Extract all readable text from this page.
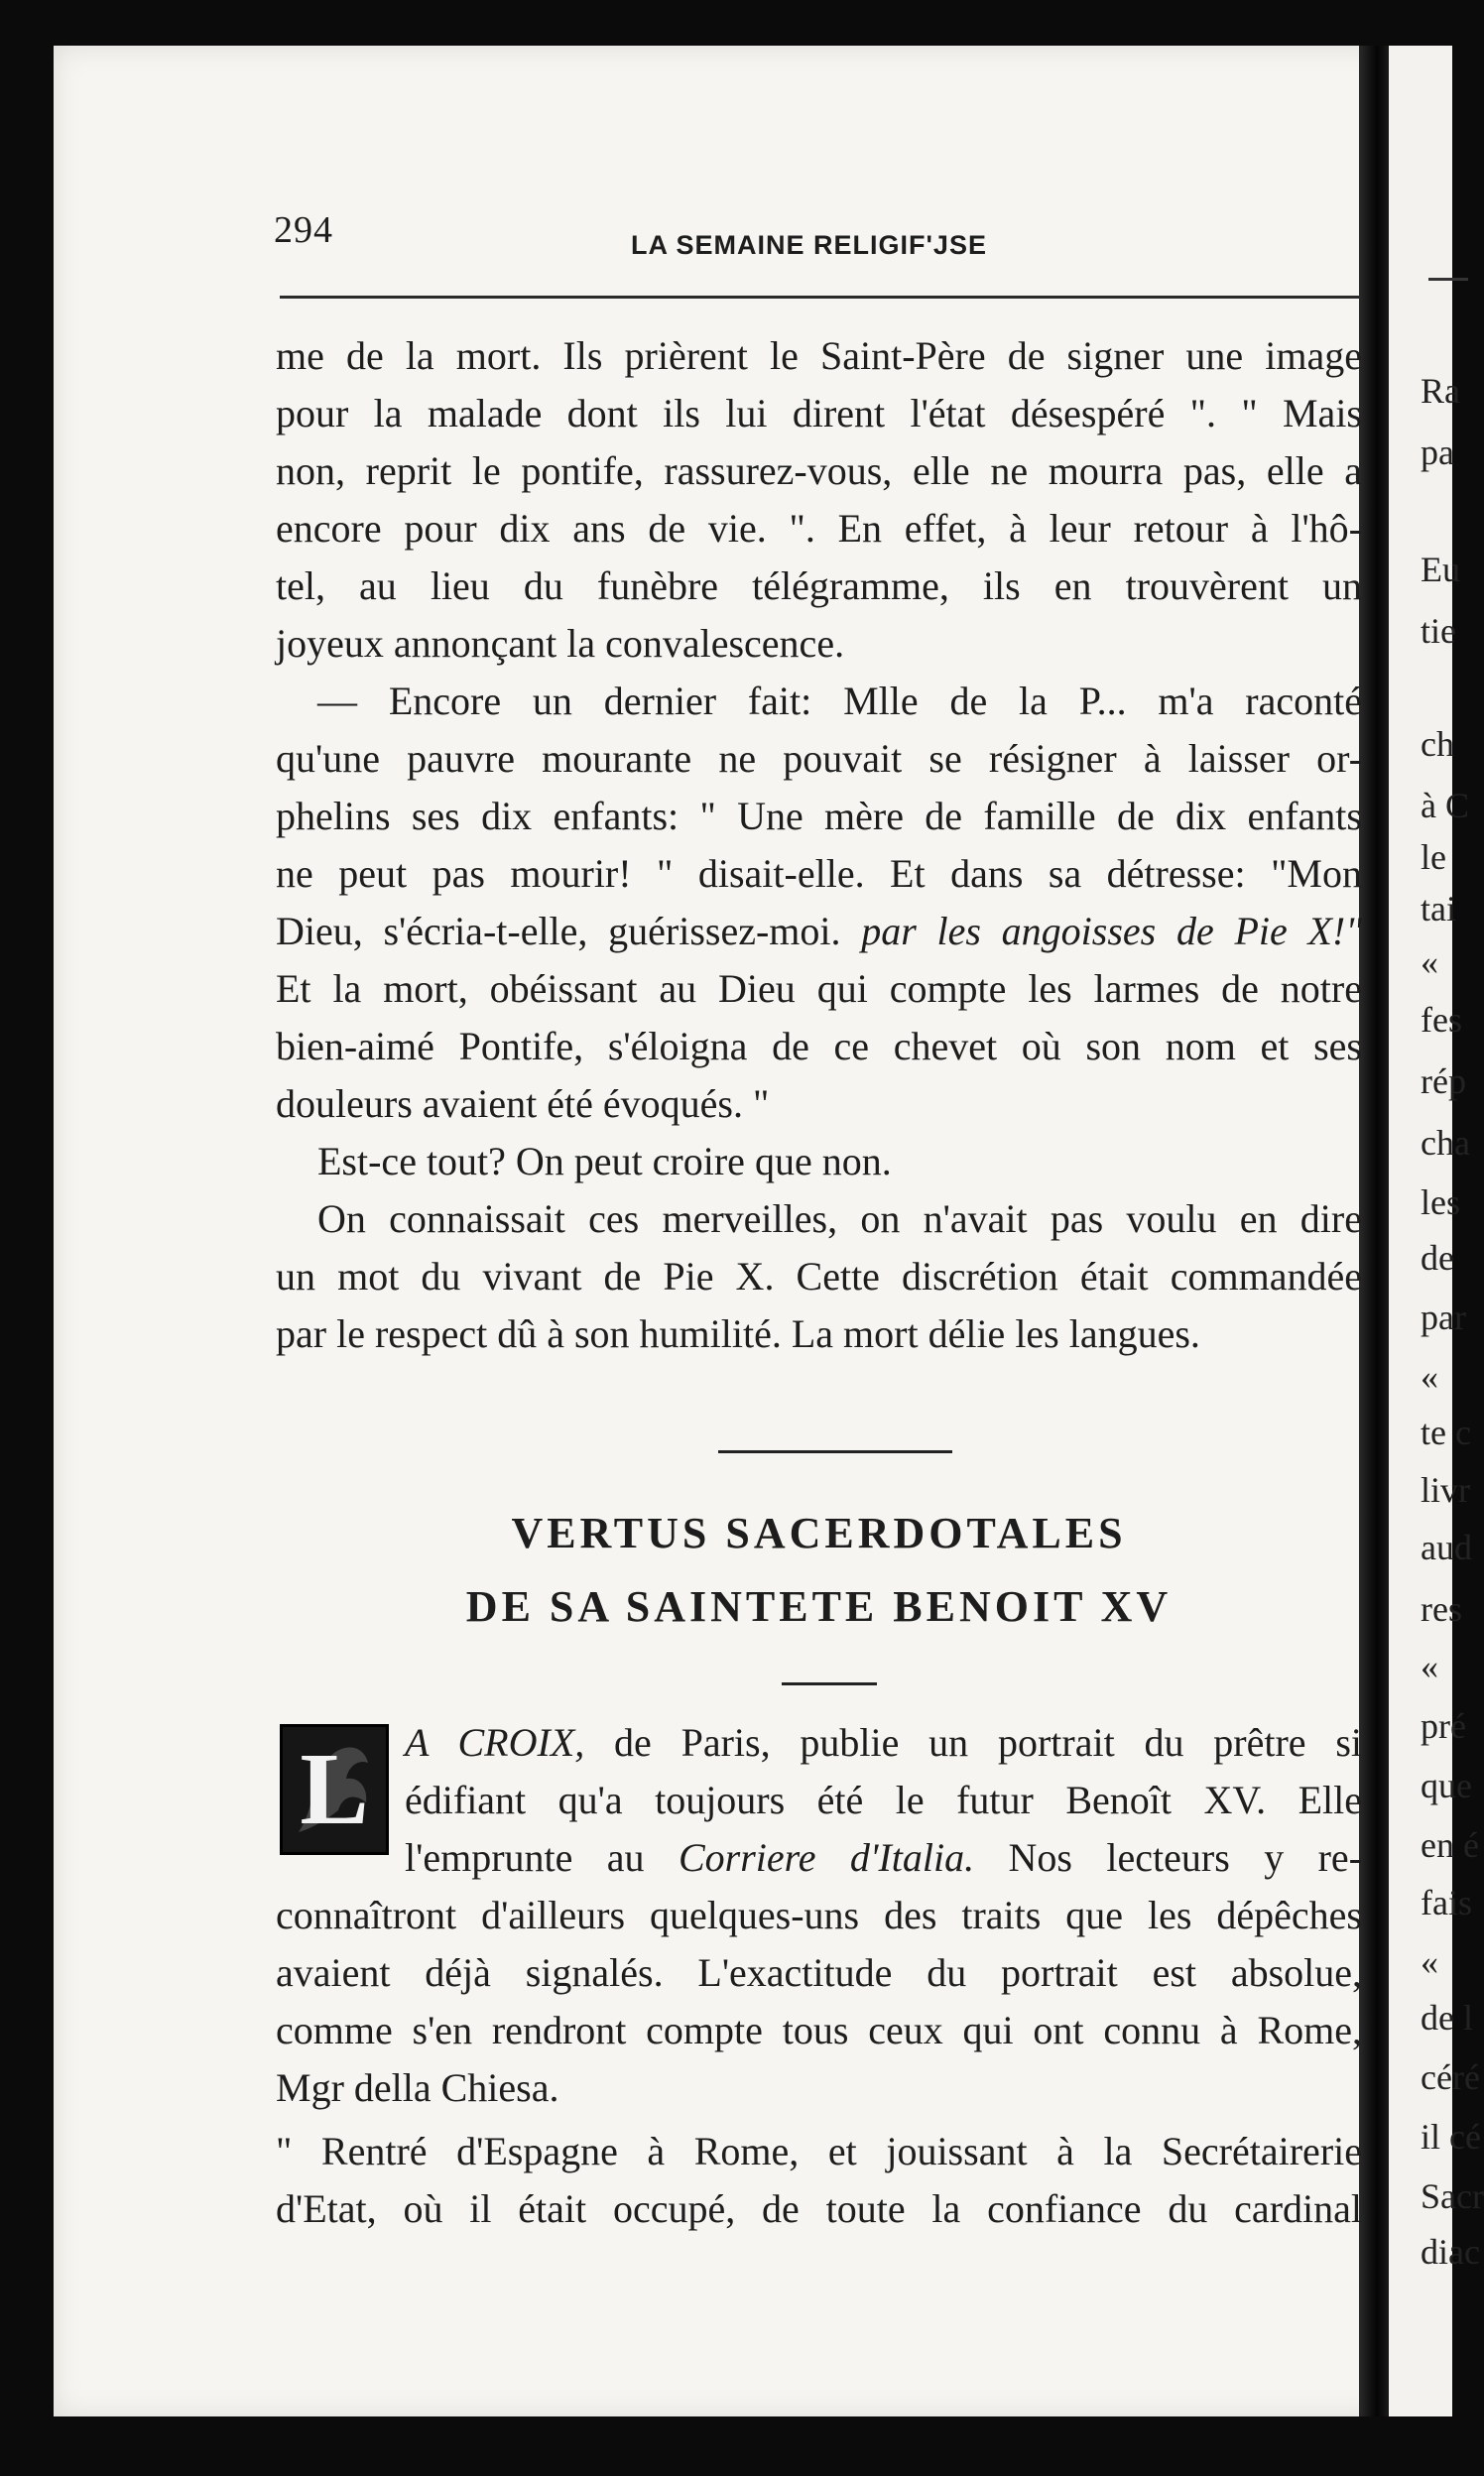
Ra
pa
Eu
tie
ch
à C
le
tai
«
fes
rép
cha
les
de
par
«
te c
livr
aud
res
«
pré
que
en é
fais
«
de l
céré
il cé
Sacr
diac
294	LA SEMAINE RELIGIF'JSE
me de la mort. Ils prièrent le Saint-Père de signer une image
pour la malade dont ils lui dirent l'état désespéré ". " Mais
non, reprit le pontife, rassurez-vous, elle ne mourra pas, elle a
encore pour dix ans de vie. ". En effet, à leur retour à l'hô-
tel, au lieu du funèbre télégramme, ils en trouvèrent un
joyeux annonçant la convalescence.
— Encore un dernier fait: Mlle de la P... m'a raconté
qu'une pauvre mourante ne pouvait se résigner à laisser or-
phelins ses dix enfants: " Une mère de famille de dix enfants
ne peut pas mourir! " disait-elle. Et dans sa détresse: "Mon
Dieu, s'écria-t-elle, guérissez-moi. par les angoisses de Pie X!"
Et la mort, obéissant au Dieu qui compte les larmes de notre
bien-aimé Pontife, s'éloigna de ce chevet où son nom et ses
douleurs avaient été évoqués. "
Est-ce tout? On peut croire que non.
On connaissait ces merveilles, on n'avait pas voulu en dire
un mot du vivant de Pie X. Cette discrétion était commandée
par le respect dû à son humilité. La mort délie les langues.
VERTUS SACERDOTALES
DE SA SAINTETE BENOIT XV
L A CROIX, de Paris, publie un portrait du prêtre si
édifiant qu'a toujours été le futur Benoît XV. Elle
l'emprunte au Corriere d'Italia. Nos lecteurs y re-
connaîtront d'ailleurs quelques-uns des traits que les dépêches
avaient déjà signalés. L'exactitude du portrait est absolue,
comme s'en rendront compte tous ceux qui ont connu à Rome,
Mgr della Chiesa.
" Rentré d'Espagne à Rome, et jouissant à la Secrétairerie
d'Etat, où il était occupé, de toute la confiance du cardinal
